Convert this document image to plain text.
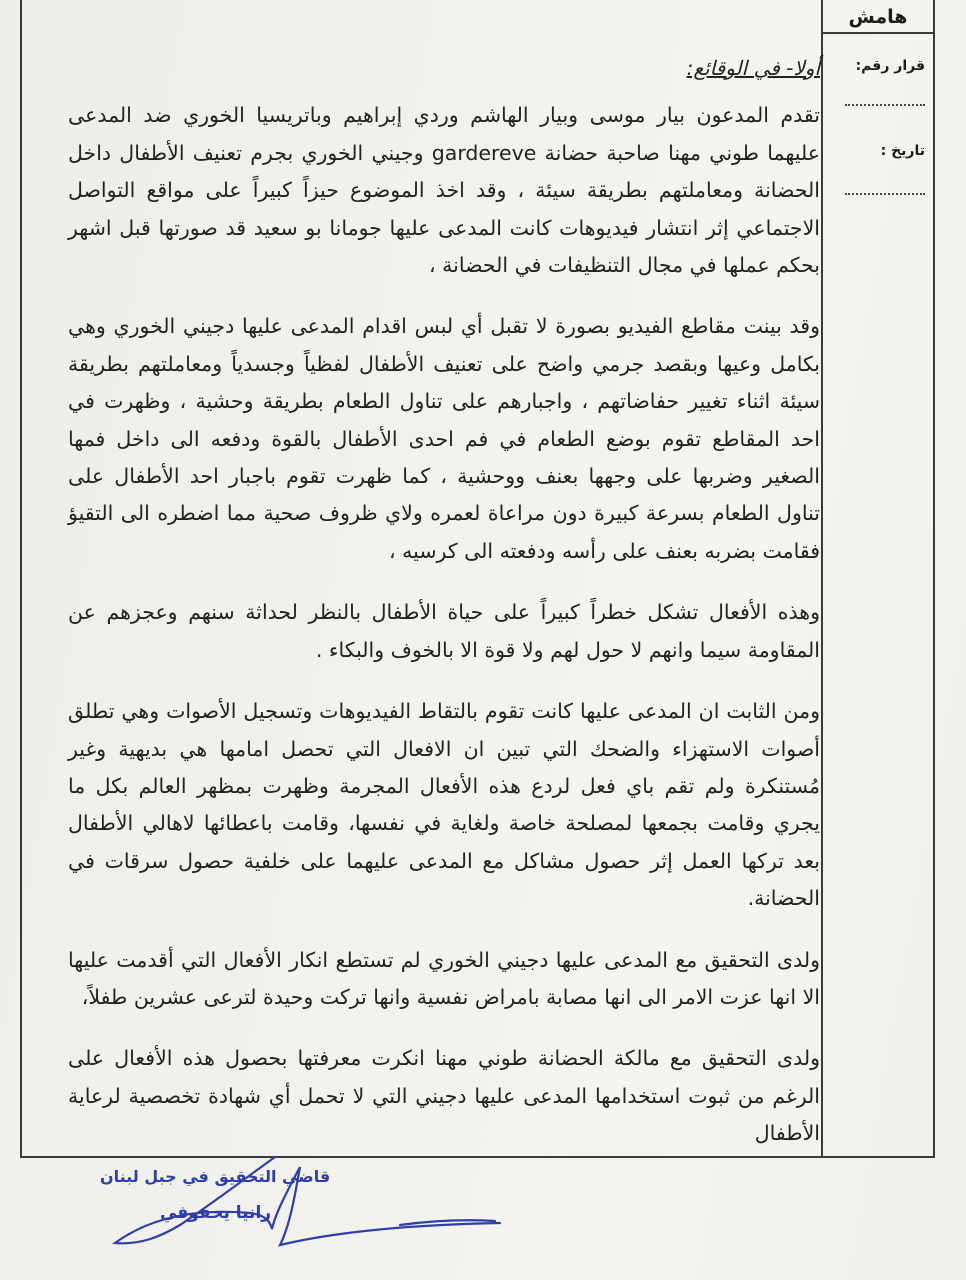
هامش
قرار رقم:
تاريخ :

أولا- في الوقائع:

تقدم المدعون بيار موسى وبيار الهاشم وردي إبراهيم وباتريسيا الخوري ضد المدعى عليهما طوني مهنا صاحبة حضانة gardereve وجيني الخوري بجرم تعنيف الأطفال داخل الحضانة ومعاملتهم بطريقة سيئة ، وقد اخذ الموضوع حيزاً كبيراً على مواقع التواصل الاجتماعي إثر انتشار فيديوهات كانت المدعى عليها جومانا بو سعيد قد صورتها قبل اشهر بحكم عملها في مجال التنظيفات في الحضانة ،

وقد بينت مقاطع الفيديو بصورة لا تقبل أي لبس اقدام المدعى عليها دجيني الخوري وهي بكامل وعيها وبقصد جرمي واضح على تعنيف الأطفال لفظياً وجسدياً ومعاملتهم بطريقة سيئة اثناء تغيير حفاضاتهم ، واجبارهم على تناول الطعام بطريقة وحشية ، وظهرت في احد المقاطع تقوم بوضع الطعام في فم احدى الأطفال بالقوة ودفعه الى داخل فمها الصغير وضربها على وجهها بعنف ووحشية ، كما ظهرت تقوم باجبار احد الأطفال على تناول الطعام بسرعة كبيرة دون مراعاة لعمره ولاي ظروف صحية مما اضطره الى التقيؤ فقامت بضربه بعنف على رأسه ودفعته الى كرسيه ،

وهذه الأفعال تشكل خطراً كبيراً على حياة الأطفال بالنظر لحداثة سنهم وعجزهم عن المقاومة سيما وانهم لا حول لهم ولا قوة الا بالخوف والبكاء .

ومن الثابت ان المدعى عليها كانت تقوم بالتقاط الفيديوهات وتسجيل الأصوات وهي تطلق أصوات الاستهزاء والضحك التي تبين ان الافعال التي تحصل امامها هي بديهية وغير مُستنكرة ولم تقم باي فعل لردع هذه الأفعال المجرمة وظهرت بمظهر العالم بكل ما يجري وقامت بجمعها لمصلحة خاصة ولغاية في نفسها، وقامت باعطائها لاهالي الأطفال بعد تركها العمل إثر حصول مشاكل مع المدعى عليهما على خلفية حصول سرقات في الحضانة.

ولدى التحقيق مع المدعى عليها دجيني الخوري لم تستطع انكار الأفعال التي أقدمت عليها الا انها عزت الامر الى انها مصابة بامراض نفسية وانها تركت وحيدة لترعى عشرين طفلاً،

ولدى التحقيق مع مالكة الحضانة طوني مهنا انكرت معرفتها بحصول هذه الأفعال على الرغم من ثبوت استخدامها المدعى عليها دجيني التي لا تحمل أي شهادة تخصصية لرعاية الأطفال

قاضي التحقيق في جبل لبنان
رانيا يحفوفي
